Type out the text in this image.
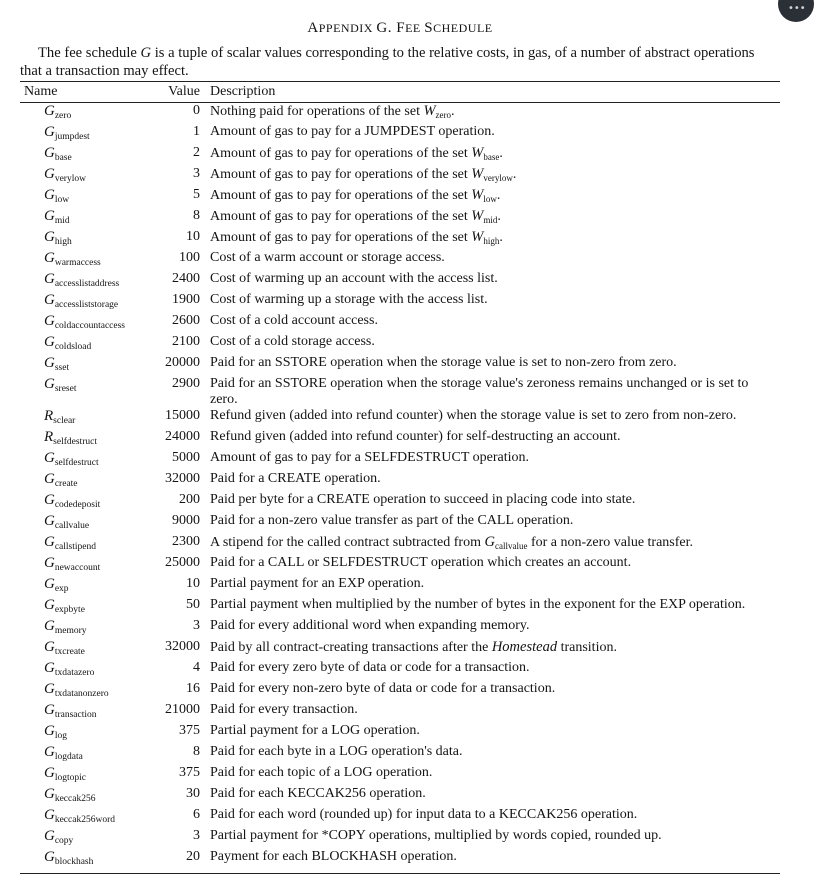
•••
APPENDIX G. FEE SCHEDULE
The fee schedule G is a tuple of scalar values corresponding to the relative costs, in gas, of a number of abstract operations that a transaction may effect.
Name	Value	Description
$G_{zero}$	0	Nothing paid for operations of the set $W_{zero}$.
$G_{jumpdest}$	1	Amount of gas to pay for a JUMPDEST operation.
$G_{base}$	2	Amount of gas to pay for operations of the set $W_{base}$.
$G_{verylow}$	3	Amount of gas to pay for operations of the set $W_{verylow}$.
$G_{low}$	5	Amount of gas to pay for operations of the set $W_{low}$.
$G_{mid}$	8	Amount of gas to pay for operations of the set $W_{mid}$.
$G_{high}$	10	Amount of gas to pay for operations of the set $W_{high}$.
$G_{warmaccess}$	100	Cost of a warm account or storage access.
$G_{accesslistaddress}$	2400	Cost of warming up an account with the access list.
$G_{accessliststorage}$	1900	Cost of warming up a storage with the access list.
$G_{coldaccountaccess}$	2600	Cost of a cold account access.
$G_{coldsload}$	2100	Cost of a cold storage access.
$G_{sset}$	20000	Paid for an SSTORE operation when the storage value is set to non-zero from zero.
$G_{sreset}$	2900	Paid for an SSTORE operation when the storage value's zeroness remains unchanged or is set to zero.
$R_{sclear}$	15000	Refund given (added into refund counter) when the storage value is set to zero from non-zero.
$R_{selfdestruct}$	24000	Refund given (added into refund counter) for self-destructing an account.
$G_{selfdestruct}$	5000	Amount of gas to pay for a SELFDESTRUCT operation.
$G_{create}$	32000	Paid for a CREATE operation.
$G_{codedeposit}$	200	Paid per byte for a CREATE operation to succeed in placing code into state.
$G_{callvalue}$	9000	Paid for a non-zero value transfer as part of the CALL operation.
$G_{callstipend}$	2300	A stipend for the called contract subtracted from $G_{callvalue}$ for a non-zero value transfer.
$G_{newaccount}$	25000	Paid for a CALL or SELFDESTRUCT operation which creates an account.
$G_{exp}$	10	Partial payment for an EXP operation.
$G_{expbyte}$	50	Partial payment when multiplied by the number of bytes in the exponent for the EXP operation.
$G_{memory}$	3	Paid for every additional word when expanding memory.
$G_{txcreate}$	32000	Paid by all contract-creating transactions after the Homestead transition.
$G_{txdatazero}$	4	Paid for every zero byte of data or code for a transaction.
$G_{txdatanonzero}$	16	Paid for every non-zero byte of data or code for a transaction.
$G_{transaction}$	21000	Paid for every transaction.
$G_{log}$	375	Partial payment for a LOG operation.
$G_{logdata}$	8	Paid for each byte in a LOG operation's data.
$G_{logtopic}$	375	Paid for each topic of a LOG operation.
$G_{keccak256}$	30	Paid for each KECCAK256 operation.
$G_{keccak256word}$	6	Paid for each word (rounded up) for input data to a KECCAK256 operation.
$G_{copy}$	3	Partial payment for *COPY operations, multiplied by words copied, rounded up.
$G_{blockhash}$	20	Payment for each BLOCKHASH operation.
